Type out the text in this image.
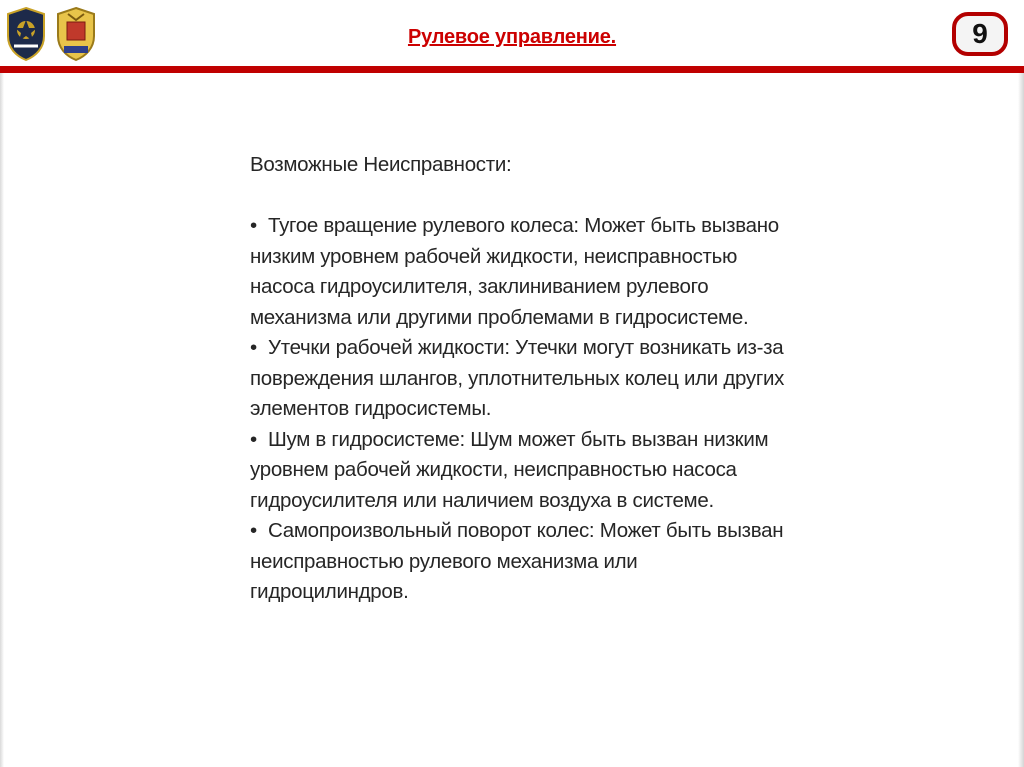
Рулевое управление.	9

Возможные Неисправности:

• Тугое вращение рулевого колеса: Может быть вызвано низким уровнем рабочей жидкости, неисправностью насоса гидроусилителя, заклиниванием рулевого механизма или другими проблемами в гидросистеме.
• Утечки рабочей жидкости: Утечки могут возникать из-за повреждения шлангов, уплотнительных колец или других элементов гидросистемы.
• Шум в гидросистеме: Шум может быть вызван низким уровнем рабочей жидкости, неисправностью насоса гидроусилителя или наличием воздуха в системе.
• Самопроизвольный поворот колес: Может быть вызван неисправностью рулевого механизма или гидроцилиндров.
